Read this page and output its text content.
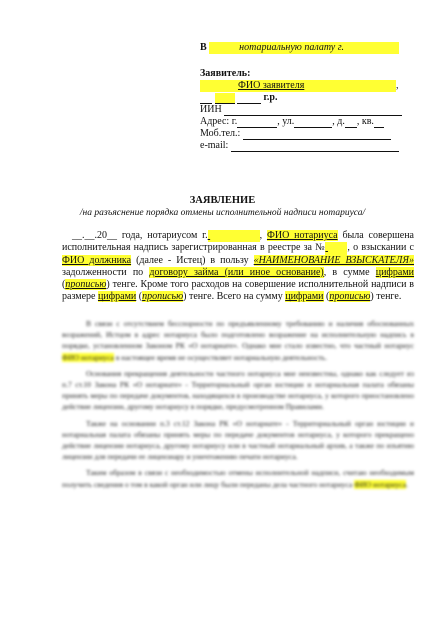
В	нотариальную палату г.
Заявитель:
ФИО заявителя	,
г.р.
ИИН
Адрес: г.	, ул.	, д. , кв.
Моб.тел.:
e-mail:
ЗАЯВЛЕНИЕ
/на разъяснение порядка отмены исполнительной надписи нотариуса/

__.__.20__ года, нотариусом г.	, ФИО нотариуса была совершена исполнительная надпись зарегистрированная в реестре за № , о взыскании с ФИО должника (далее - Истец) в пользу «НАИМЕНОВАНИЕ ВЗЫСКАТЕЛЯ» задолженности по договору займа (или иное основание), в сумме цифрами (прописью) тенге. Кроме того расходов на совершение исполнительной надписи в размере цифрами (прописью) тенге. Всего на сумму цифрами (прописью) тенге.

В связи с отсутствием бесспорности по предъявленному требованию и наличия обоснованных возражений, Истцом в адрес нотариуса было подготовлено возражение на исполнительную надпись в порядке, установленном Законом РК «О нотариате». Однако мне стало известно, что частный нотариус ФИО нотариуса в настоящее время не осуществляет нотариальную деятельность.

Основания прекращения деятельности частного нотариуса мне неизвестны, однако как следует из п.7 ст.10 Закона РК «О нотариате» - Территориальный орган юстиции и нотариальная палата обязаны принять меры по передаче документов, находящихся в производстве нотариуса, у которого приостановлено действие лицензии, другому нотариусу в порядке, предусмотренном Правилами.

Также на основании п.3 ст.12 Закона РК «О нотариате» - Территориальный орган юстиции и нотариальная палата обязаны принять меры по передаче документов нотариуса, у которого прекращено действие лицензии нотариуса, другому нотариусу или в частный нотариальный архив, а также по изъятию лицензии для передачи ее лицензиару и уничтожению печати нотариуса.

Таким образом в связи с необходимостью отмены исполнительной надписи, считаю необходимым получить сведения о том в какой орган или лицу были переданы дела частного нотариуса ФИО нотариуса.
